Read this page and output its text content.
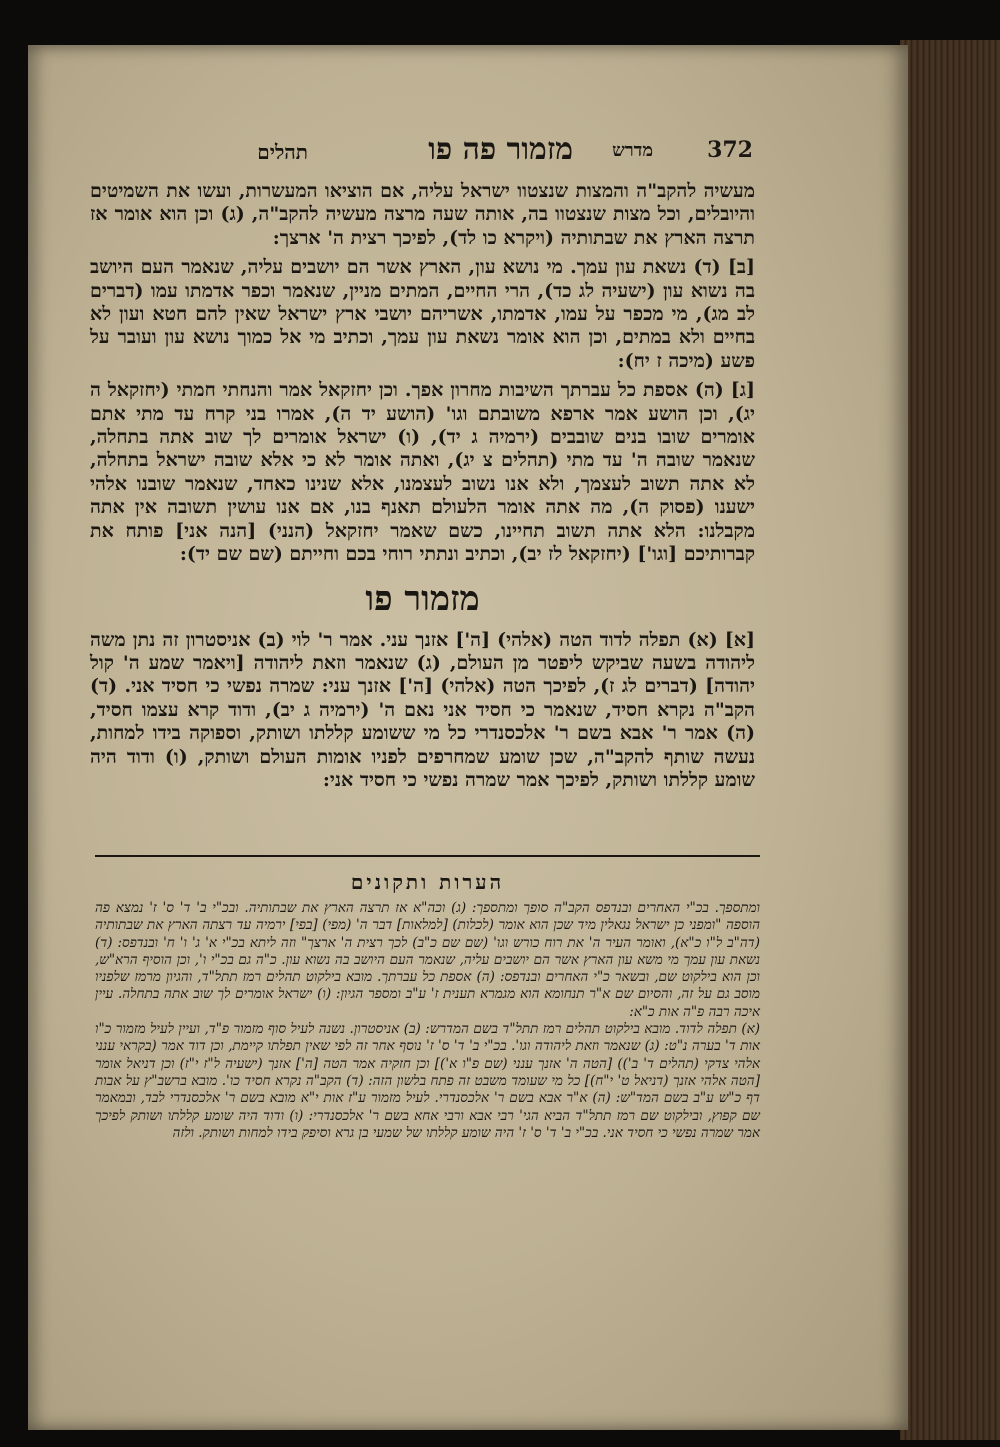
תהלים	מזמור פה פו מדרש 372

מעשיה להקב"ה והמצות שנצטוו ישראל עליה, אם הוציאו המעשרות, ועשו את השמיטים והיובלים, וכל מצות שנצטוו בה, אותה שעה מרצה מעשיה להקב"ה, (ג) וכן הוא אומר אז תרצה הארץ את שבתותיה (ויקרא כו לד), לפיכך רצית ה' ארצך:

[ב] (ד) נשאת עון עמך. מי נושא עון, הארץ אשר הם יושבים עליה, שנאמר העם היושב בה נשוא עון (ישעיה לג כד), הרי החיים, המתים מניין, שנאמר וכפר אדמתו עמו (דברים לב מג), מי מכפר על עמו, אדמתו, אשריהם יושבי ארץ ישראל שאין להם חטא ועון לא בחיים ולא במתים, וכן הוא אומר נשאת עון עמך, וכתיב מי אל כמוך נושא עון ועובר על פשע (מיכה ז יח):

[ג] (ה) אספת כל עברתך השיבות מחרון אפך. וכן יחזקאל אמר והנחתי חמתי (יחזקאל ה יג), וכן הושע אמר ארפא משובתם וגו' (הושע יד ה), אמרו בני קרח עד מתי אתם אומרים שובו בנים שובבים (ירמיה ג יד), (ו) ישראל אומרים לך שוב אתה בתחלה, שנאמר שובה ה' עד מתי (תהלים צ יג), ואתה אומר לא כי אלא שובה ישראל בתחלה, לא אתה תשוב לעצמך, ולא אנו נשוב לעצמנו, אלא שנינו כאחד, שנאמר שובנו אלהי ישענו (פסוק ה), מה אתה אומר הלעולם תאנף בנו, אם אנו עושין תשובה אין אתה מקבלנו: הלא אתה תשוב תחיינו, כשם שאמר יחזקאל (הנני) [הנה אני] פותח את קברותיכם [וגו'] (יחזקאל לז יב), וכתיב ונתתי רוחי בכם וחייתם (שם שם יד):

מזמור פו

[א] (א) תפלה לדוד הטה (אלהי) [ה'] אזנך עני. אמר ר' לוי (ב) אניסטרון זה נתן משה ליהודה בשעה שביקש ליפטר מן העולם, (ג) שנאמר וזאת ליהודה [ויאמר שמע ה' קול יהודה] (דברים לג ז), לפיכך הטה (אלהי) [ה'] אזנך עני: שמרה נפשי כי חסיד אני. (ד) הקב"ה נקרא חסיד, שנאמר כי חסיד אני נאם ה' (ירמיה ג יב), ודוד קרא עצמו חסיד, (ה) אמר ר' אבא בשם ר' אלכסנדרי כל מי ששומע קללתו ושותק, וספוקה בידו למחות, נעשה שותף להקב"ה, שכן שומע שמחרפים לפניו אומות העולם ושותק, (ו) ודוד היה שומע קללתו ושותק, לפיכך אמר שמרה נפשי כי חסיד אני:

הערות ותקונים

ומתספך. בכ"י האחרים ובנדפס הקב"ה סופך ומתספך: (ג) וכה"א אז תרצה הארץ את שבתותיה. ובכ"י ב' ד' ס' ז' נמצא פה הוספה "ומפני כן ישראל נגאלין מיד שכן הוא אומר (לכלות) [למלאות] דבר ה' (מפי) [בפי] ירמיה עד רצתה הארץ את שבתותיה (דה"ב ל"ו כ"א), ואומר העיר ה' את רוח כורש וגו' (שם שם כ"ב) לכך רצית ה' ארצך" וזה ליתא בכ"י א' ג' ו' ח' ובנדפס: (ד) נשאת עון עמך מי משא עון הארץ אשר הם יושבים עליה, שנאמר העם היושב בה נשוא עון. כ"ה גם בכ"י ו', וכן הוסיף הרא"ש, וכן הוא בילקוט שם, ובשאר כ"י האחרים ובנדפס: (ה) אספת כל עברתך. מובא בילקוט תהלים רמז תתל"ד, והגיון מרמז שלפניו מוסב גם על זה, והסיום שם א"ר תנחומא הוא מגמרא תענית ז' ע"ב ומספר הגיון: (ו) ישראל אומרים לך שוב אתה בתחלה. עיין איכה רבה פ"ה אות כ"א:

(א) תפלה לדוד. מובא בילקוט תהלים רמז תתל"ד בשם המדרש: (ב) אניסטרון. נשנה לעיל סוף מזמור פ"ד, ועיין לעיל מזמור כ"ו אות ד' בערה נ"ט: (ג) שנאמר וזאת ליהודה וגו'. בכ"י ב' ד' ס' ז' נוסף אחר זה לפי שאין תפלתו קיימת, וכן דוד אמר (בקראי ענני אלהי צדקי (תהלים ד' ב')) [הטה ה' אזנך ענני (שם פ"ו א')] וכן חזקיה אמר הטה [ה'] אזנך (ישעיה ל"ז י"ז) וכן דניאל אומר [הטה אלהי אזנך (דניאל ט' י"ח)] כל מי שעומד משבט זה פתח בלשון הזה: (ד) הקב"ה נקרא חסיד כו'. מובא ברשב"ץ על אבות דף כ"ש ע"ב בשם המד"ש: (ה) א"ר אבא בשם ר' אלכסנדרי. לעיל מזמור ע"ז אות י"א מובא בשם ר' אלכסנדרי לבד, ובמאמר שם קפוץ, ובילקוט שם רמז תתל"ד הביא הגי' רבי אבא ורבי אחא בשם ר' אלכסנדרי: (ו) ודוד היה שומע קללתו ושותק לפיכך אמר שמרה נפשי כי חסיד אני. בכ"י ב' ד' ס' ז' היה שומע קללתו של שמעי בן גרא וסיפק בידו למחות ושותק. ולזה
